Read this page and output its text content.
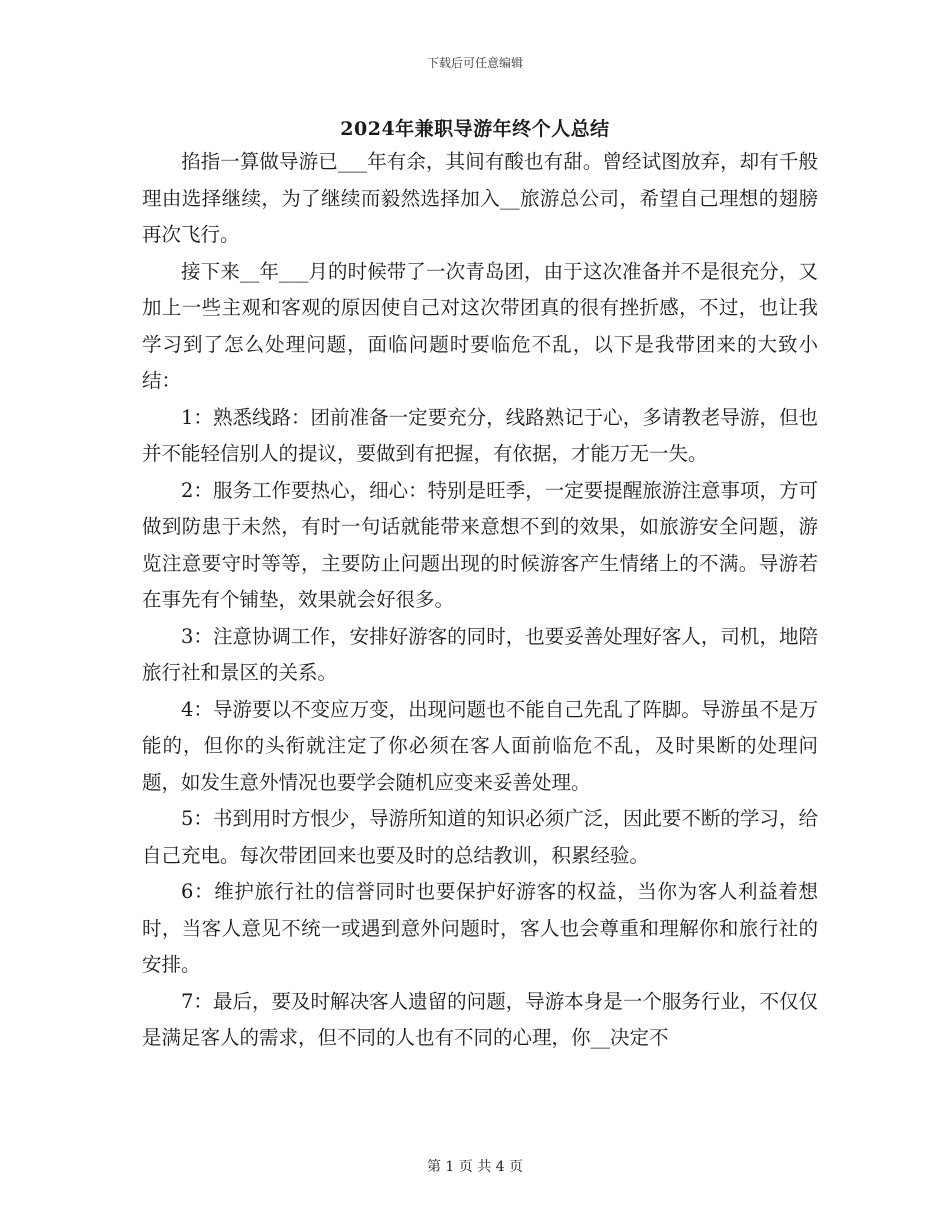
下载后可任意编辑
2024年兼职导游年终个人总结

掐指一算做导游已___年有余，其间有酸也有甜。曾经试图放弃，却有千般理由选择继续，为了继续而毅然选择加入__旅游总公司，希望自己理想的翅膀再次飞行。

接下来__年___月的时候带了一次青岛团，由于这次准备并不是很充分，又加上一些主观和客观的原因使自己对这次带团真的很有挫折感，不过，也让我学习到了怎么处理问题，面临问题时要临危不乱，以下是我带团来的大致小结：

1：熟悉线路：团前准备一定要充分，线路熟记于心，多请教老导游，但也并不能轻信别人的提议，要做到有把握，有依据，才能万无一失。

2：服务工作要热心，细心：特别是旺季，一定要提醒旅游注意事项，方可做到防患于未然，有时一句话就能带来意想不到的效果，如旅游安全问题，游览注意要守时等等，主要防止问题出现的时候游客产生情绪上的不满。导游若在事先有个铺垫，效果就会好很多。

3：注意协调工作，安排好游客的同时，也要妥善处理好客人，司机，地陪旅行社和景区的关系。

4：导游要以不变应万变，出现问题也不能自己先乱了阵脚。导游虽不是万能的，但你的头衔就注定了你必须在客人面前临危不乱，及时果断的处理问题，如发生意外情况也要学会随机应变来妥善处理。

5：书到用时方恨少，导游所知道的知识必须广泛，因此要不断的学习，给自己充电。每次带团回来也要及时的总结教训，积累经验。

6：维护旅行社的信誉同时也要保护好游客的权益，当你为客人利益着想时，当客人意见不统一或遇到意外问题时，客人也会尊重和理解你和旅行社的安排。

7：最后，要及时解决客人遗留的问题，导游本身是一个服务行业，不仅仅是满足客人的需求，但不同的人也有不同的心理，你__决定不

第 1 页 共 4 页
